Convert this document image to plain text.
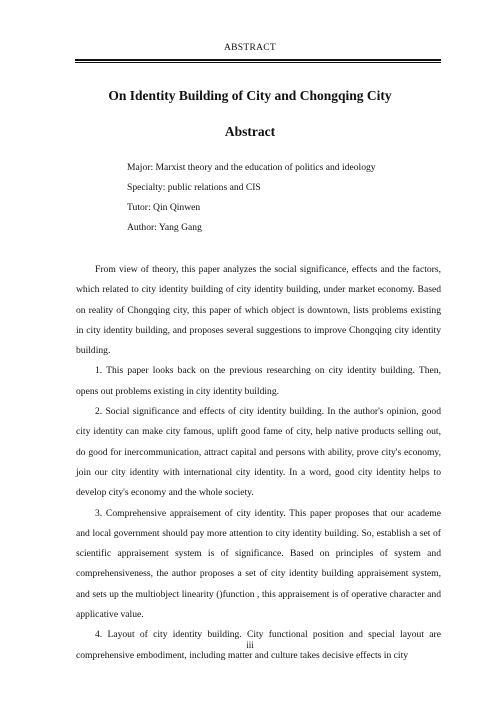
ABSTRACT
On Identity Building of City and Chongqing City
Abstract
Major: Marxist theory and the education of politics and ideology
Specialty: public relations and CIS
Tutor: Qin Qinwen
Author: Yang Gang

From view of theory, this paper analyzes the social significance, effects and the factors, which related to city identity building of city identity building, under market economy. Based on reality of Chongqing city, this paper of which object is downtown, lists problems existing in city identity building, and proposes several suggestions to improve Chongqing city identity building.

1. This paper looks back on the previous researching on city identity building. Then, opens out problems existing in city identity building.

2. Social significance and effects of city identity building. In the author's opinion, good city identity can make city famous, uplift good fame of city, help native products selling out, do good for inercommunication, attract capital and persons with ability, prove city's economy, join our city identity with international city identity. In a word, good city identity helps to develop city's economy and the whole society.

3. Comprehensive appraisement of city identity. This paper proposes that our academe and local government should pay more attention to city identity building. So, establish a set of scientific appraisement system is of significance. Based on principles of system and comprehensiveness, the author proposes a set of city identity building appraisement system, and sets up the multiobject linearity ()function , this appraisement is of operative character and applicative value.

4. Layout of city identity building. City functional position and special layout are comprehensive embodiment, including matter and culture takes decisive effects in city

iii
